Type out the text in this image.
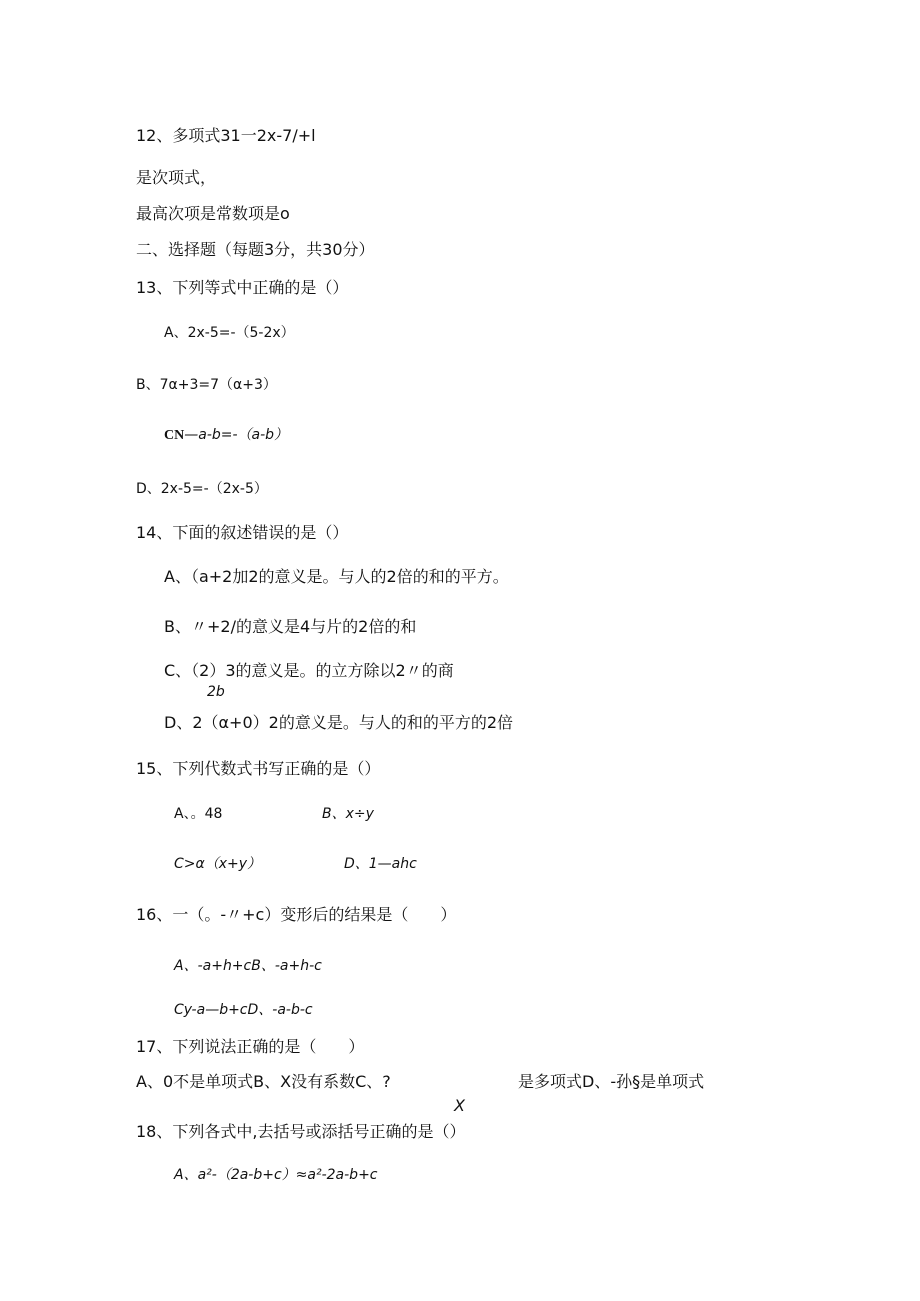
12、多项式31一2x-7∕+l
是次项式，
最高次项是常数项是o
二、选择题（每题3分，共30分）
13、下列等式中正确的是（）
A、2x-5=-（5-2x）
B、7α+3=7（α+3）
CN—a-b=-（a-b）
D、2x-5=-（2x-5）
14、下面的叙述错误的是（）
A、（a+2加2的意义是。与人的2倍的和的平方。
B、〃+2/的意义是4与片的2倍的和
C、（2）3的意义是。的立方除以2〃的商
2b
D、2（α+0）2的意义是。与人的和的平方的2倍
15、下列代数式书写正确的是（）
A、。48	B、x÷y
C>α（x+y）	D、1—ahc
16、一（。-〃+c）变形后的结果是（　　）
A、-a+h+cB、-a+h-c
Cy-a—b+cD、-a-b-c
17、下列说法正确的是（　　）
A、0不是单项式B、X没有系数C、?	是多项式D、-孙§是单项式
X
18、下列各式中,去括号或添括号正确的是（）
A、a²-（2a-b+c）≈a²-2a-b+c
